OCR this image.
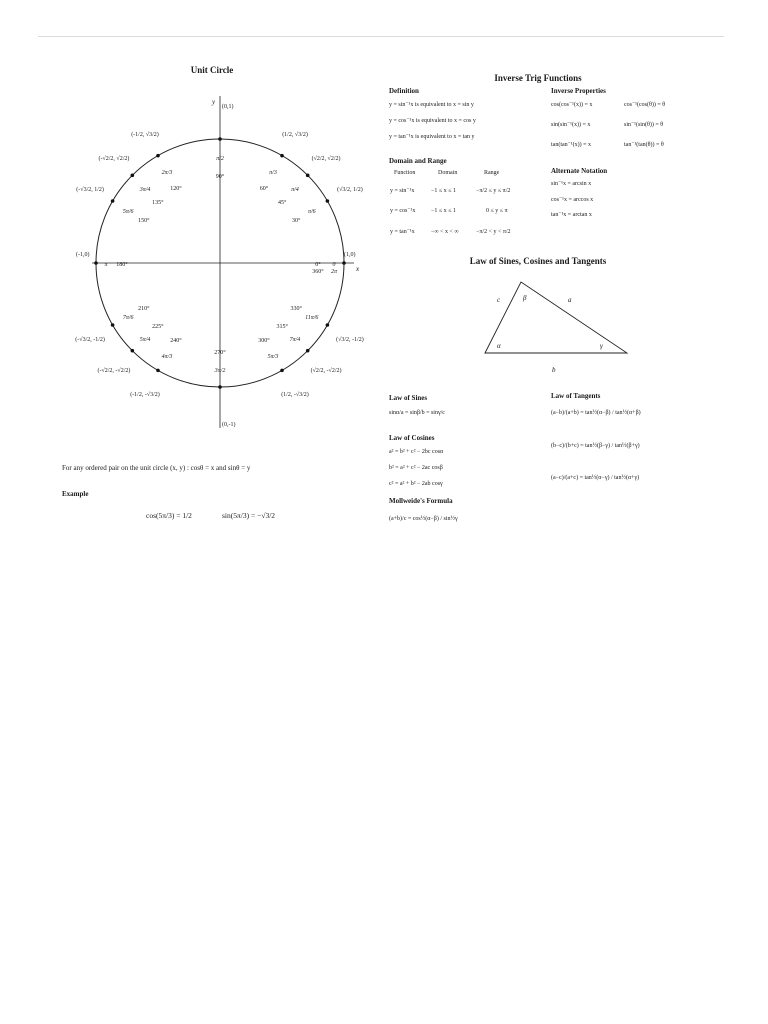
Unit Circle
x
y
0° 0
360° 2π
30°
π/6
(√3/2, 1/2)
45°
π/4
(√2/2, √2/2)
60°
π/3
(1/2, √3/2)
90°
π/2
120°
2π/3
(-1/2, √3/2)
135°
3π/4
(-√2/2, √2/2)
150°
5π/6
(-√3/2, 1/2)
180°
π
210°
7π/6
(-√3/2, -1/2)
225°
5π/4
(-√2/2, -√2/2)
240°
4π/3
(-1/2, -√3/2)
270°
3π/2
300°
5π/3
(1/2, -√3/2)
315°
7π/4
(√2/2, -√2/2)
330°
11π/6
(√3/2, -1/2)
(0,1)
(0,-1)
(-1,0)	(1,0)
For any ordered pair on the unit circle (x, y) : cosθ = x and sinθ = y
Example
cos(5π/3) = 1/2	sin(5π/3) = −√3/2
Inverse Trig Functions
Definition
y = sin⁻¹x is equivalent to x = sin y
y = cos⁻¹x is equivalent to x = cos y
y = tan⁻¹x is equivalent to x = tan y
Inverse Properties
cos(cos⁻¹(x)) = x	cos⁻¹(cos(θ)) = θ
sin(sin⁻¹(x)) = x	sin⁻¹(sin(θ)) = θ
tan(tan⁻¹(x)) = x	tan⁻¹(tan(θ)) = θ
Domain and Range
Function	Domain	Range
y = sin⁻¹x	−1 ≤ x ≤ 1	−π/2 ≤ y ≤ π/2
y = cos⁻¹x	−1 ≤ x ≤ 1	0 ≤ y ≤ π
y = tan⁻¹x	−∞ < x < ∞	−π/2 < y < π/2
Alternate Notation
sin⁻¹x = arcsin x
cos⁻¹x = arccos x
tan⁻¹x = arctan x
Law of Sines, Cosines and Tangents
c	a
b
β
α	γ
Law of Sines
sinα/a = sinβ/b = sinγ/c
Law of Cosines
a² = b² + c² − 2bc cosα
b² = a² + c² − 2ac cosβ
c² = a² + b² − 2ab cosγ
Mollweide's Formula
(a+b)/c = cos½(α−β) / sin½γ
Law of Tangents
(a−b)/(a+b) = tan½(α−β) / tan½(α+β)
(b−c)/(b+c) = tan½(β−γ) / tan½(β+γ)
(a−c)/(a+c) = tan½(α−γ) / tan½(α+γ)
